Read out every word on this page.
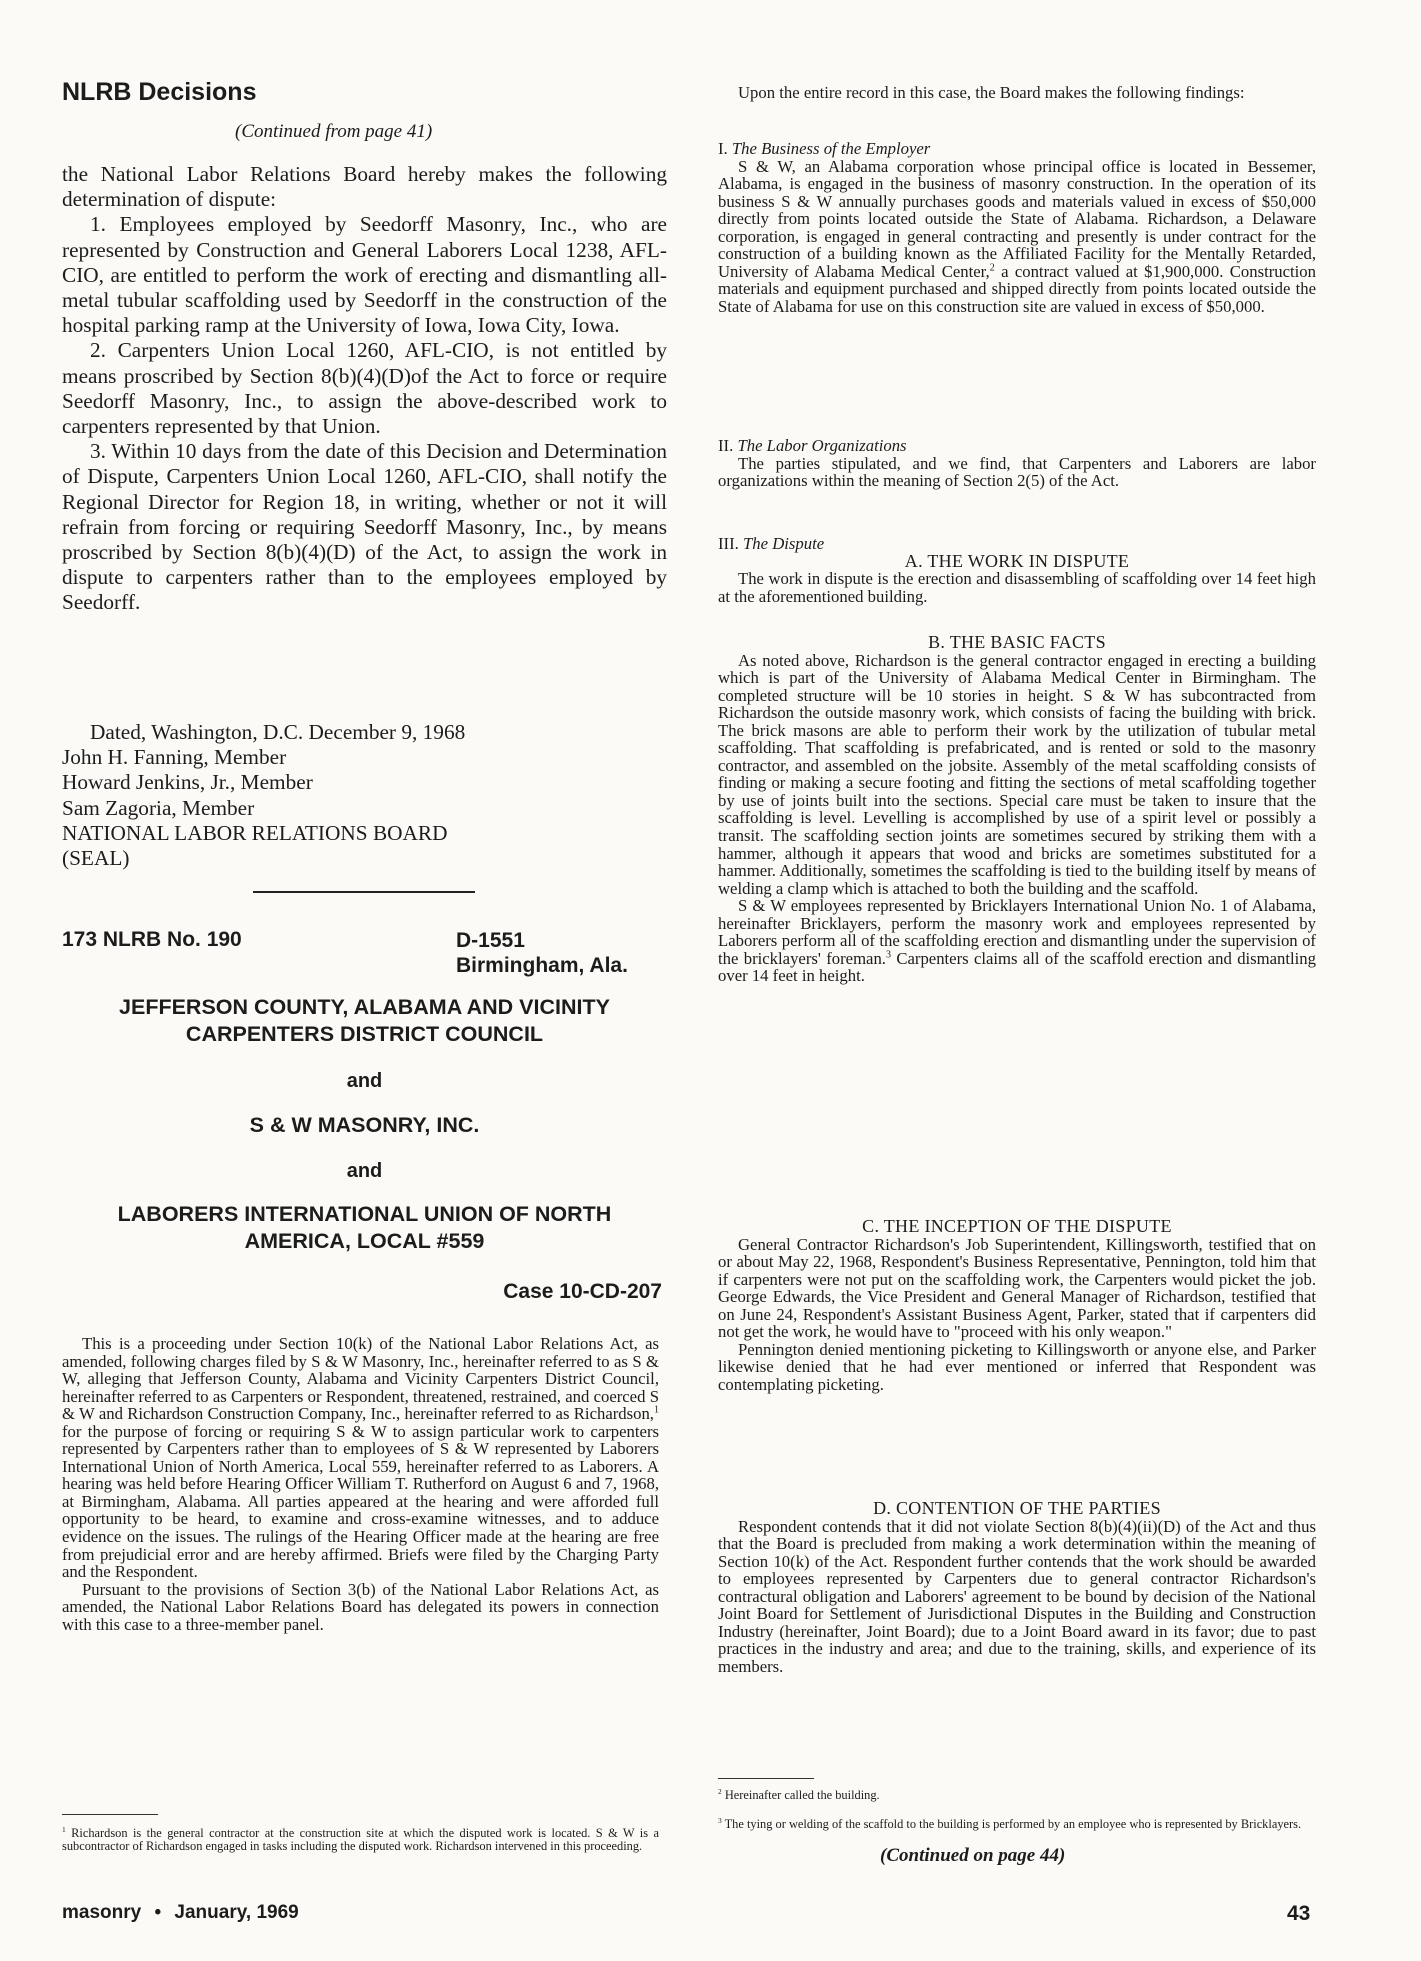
NLRB Decisions
(Continued from page 41)

the National Labor Relations Board hereby makes the following determination of dispute:

1. Employees employed by Seedorff Masonry, Inc., who are represented by Construction and General Laborers Local 1238, AFL-CIO, are entitled to perform the work of erecting and dismantling all-metal tubular scaffolding used by Seedorff in the construction of the hospital parking ramp at the University of Iowa, Iowa City, Iowa.

2. Carpenters Union Local 1260, AFL-CIO, is not entitled by means proscribed by Section 8(b)(4)(D)of the Act to force or require Seedorff Masonry, Inc., to assign the above-described work to carpenters represented by that Union.

3. Within 10 days from the date of this Decision and Determination of Dispute, Carpenters Union Local 1260, AFL-CIO, shall notify the Regional Director for Region 18, in writing, whether or not it will refrain from forcing or requiring Seedorff Masonry, Inc., by means proscribed by Section 8(b)(4)(D) of the Act, to assign the work in dispute to carpenters rather than to the employees employed by Seedorff.

Dated, Washington, D.C. December 9, 1968
John H. Fanning, Member
Howard Jenkins, Jr., Member
Sam Zagoria, Member
NATIONAL LABOR RELATIONS BOARD
(SEAL)
173 NLRB No. 190	D-1551
Birmingham, Ala.
JEFFERSON COUNTY, ALABAMA AND VICINITY
CARPENTERS DISTRICT COUNCIL
and
S & W MASONRY, INC.
and
LABORERS INTERNATIONAL UNION OF NORTH
AMERICA, LOCAL #559
Case 10-CD-207

This is a proceeding under Section 10(k) of the National Labor Relations Act, as amended, following charges filed by S & W Masonry, Inc., hereinafter referred to as S & W, alleging that Jefferson County, Alabama and Vicinity Carpenters District Council, hereinafter referred to as Carpenters or Respondent, threatened, restrained, and coerced S & W and Richardson Construction Company, Inc., hereinafter referred to as Richardson,$^1$ for the purpose of forcing or requiring S & W to assign particular work to carpenters represented by Carpenters rather than to employees of S & W represented by Laborers International Union of North America, Local 559, hereinafter referred to as Laborers. A hearing was held before Hearing Officer William T. Rutherford on August 6 and 7, 1968, at Birmingham, Alabama. All parties appeared at the hearing and were afforded full opportunity to be heard, to examine and cross-examine witnesses, and to adduce evidence on the issues. The rulings of the Hearing Officer made at the hearing are free from prejudicial error and are hereby affirmed. Briefs were filed by the Charging Party and the Respondent.

Pursuant to the provisions of Section 3(b) of the National Labor Relations Act, as amended, the National Labor Relations Board has delegated its powers in connection with this case to a three-member panel.

$^1$ Richardson is the general contractor at the construction site at which the disputed work is located. S & W is a subcontractor of Richardson engaged in tasks including the disputed work. Richardson intervened in this proceeding.

Upon the entire record in this case, the Board makes the following findings:

I. The Business of the Employer

S & W, an Alabama corporation whose principal office is located in Bessemer, Alabama, is engaged in the business of masonry construction. In the operation of its business S & W annually purchases goods and materials valued in excess of $50,000 directly from points located outside the State of Alabama. Richardson, a Delaware corporation, is engaged in general contracting and presently is under contract for the construction of a building known as the Affiliated Facility for the Mentally Retarded, University of Alabama Medical Center,$^2$ a contract valued at $1,900,000. Construction materials and equipment purchased and shipped directly from points located outside the State of Alabama for use on this construction site are valued in excess of $50,000.

II. The Labor Organizations

The parties stipulated, and we find, that Carpenters and Laborers are labor organizations within the meaning of Section 2(5) of the Act.

III. The Dispute

A. THE WORK IN DISPUTE

The work in dispute is the erection and disassembling of scaffolding over 14 feet high at the aforementioned building.

B. THE BASIC FACTS

As noted above, Richardson is the general contractor engaged in erecting a building which is part of the University of Alabama Medical Center in Birmingham. The completed structure will be 10 stories in height. S & W has subcontracted from Richardson the outside masonry work, which consists of facing the building with brick. The brick masons are able to perform their work by the utilization of tubular metal scaffolding. That scaffolding is prefabricated, and is rented or sold to the masonry contractor, and assembled on the jobsite. Assembly of the metal scaffolding consists of finding or making a secure footing and fitting the sections of metal scaffolding together by use of joints built into the sections. Special care must be taken to insure that the scaffolding is level. Levelling is accomplished by use of a spirit level or possibly a transit. The scaffolding section joints are sometimes secured by striking them with a hammer, although it appears that wood and bricks are sometimes substituted for a hammer. Additionally, sometimes the scaffolding is tied to the building itself by means of welding a clamp which is attached to both the building and the scaffold.

S & W employees represented by Bricklayers International Union No. 1 of Alabama, hereinafter Bricklayers, perform the masonry work and employees represented by Laborers perform all of the scaffolding erection and dismantling under the supervision of the bricklayers' foreman.$^3$ Carpenters claims all of the scaffold erection and dismantling over 14 feet in height.

C. THE INCEPTION OF THE DISPUTE

General Contractor Richardson's Job Superintendent, Killingsworth, testified that on or about May 22, 1968, Respondent's Business Representative, Pennington, told him that if carpenters were not put on the scaffolding work, the Carpenters would picket the job. George Edwards, the Vice President and General Manager of Richardson, testified that on June 24, Respondent's Assistant Business Agent, Parker, stated that if carpenters did not get the work, he would have to "proceed with his only weapon."

Pennington denied mentioning picketing to Killingsworth or anyone else, and Parker likewise denied that he had ever mentioned or inferred that Respondent was contemplating picketing.

D. CONTENTION OF THE PARTIES

Respondent contends that it did not violate Section 8(b)(4)(ii)(D) of the Act and thus that the Board is precluded from making a work determination within the meaning of Section 10(k) of the Act. Respondent further contends that the work should be awarded to employees represented by Carpenters due to general contractor Richardson's contractural obligation and Laborers' agreement to be bound by decision of the National Joint Board for Settlement of Jurisdictional Disputes in the Building and Construction Industry (hereinafter, Joint Board); due to a Joint Board award in its favor; due to past practices in the industry and area; and due to the training, skills, and experience of its members.

$^2$ Hereinafter called the building.
$^3$ The tying or welding of the scaffold to the building is performed by an employee who is represented by Bricklayers.
(Continued on page 44)
masonry • January, 1969	43
